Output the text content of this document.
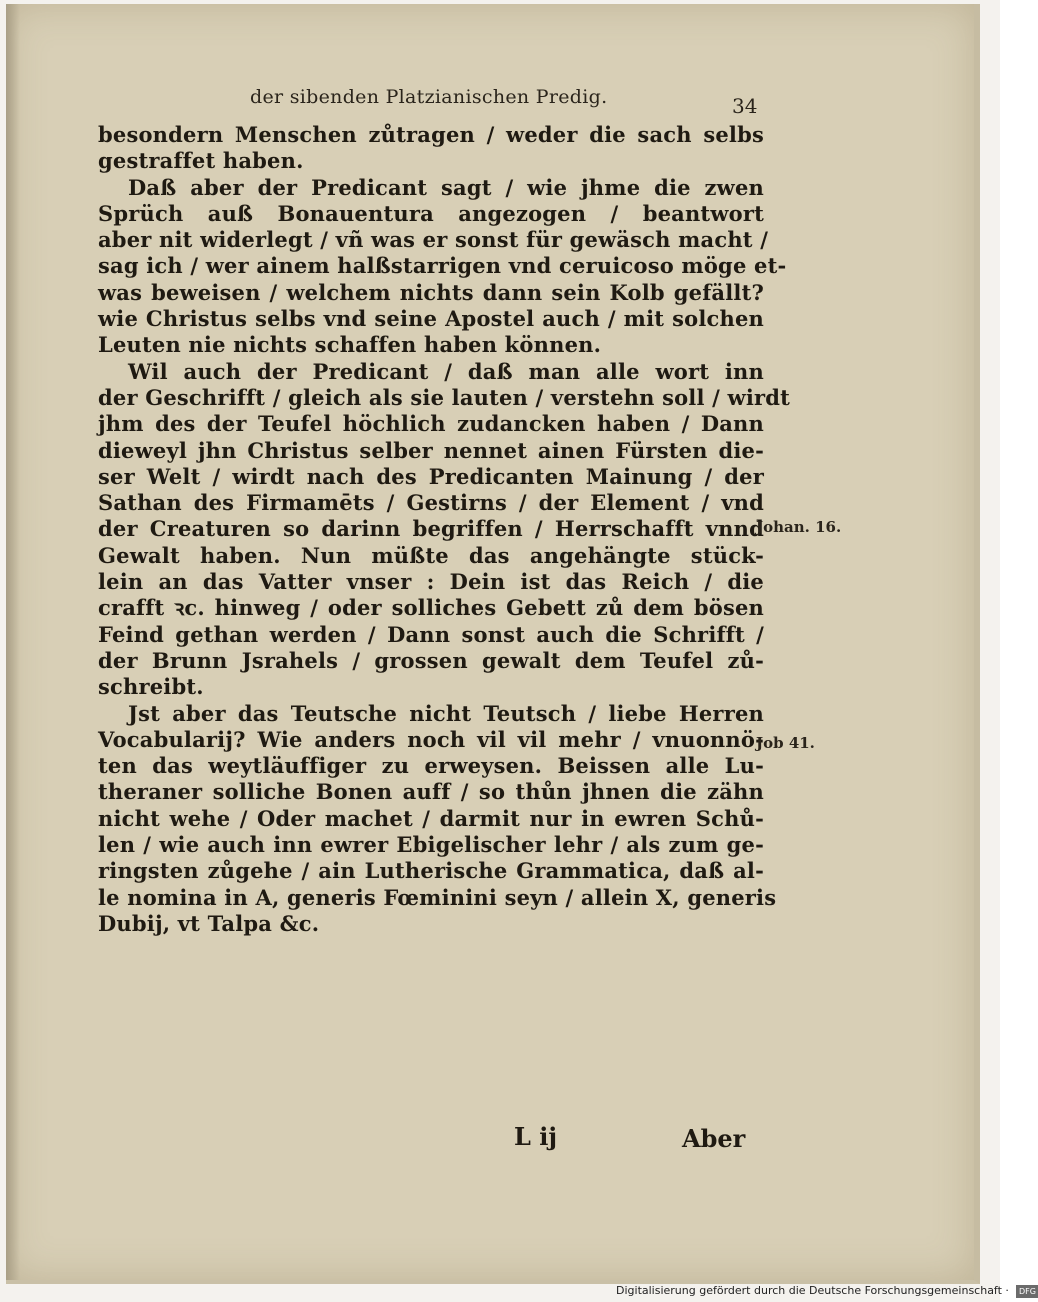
der sibenden Platzianischen Predig.	34
besondern Menschen zůtragen / weder die sach selbs
gestraffet haben.
Daß aber der Predicant sagt / wie jhme die zwen
Sprüch auß Bonauentura angezogen / beantwort
aber nit widerlegt / vñ was er sonst für gewäsch macht /
sag ich / wer ainem halßstarrigen vnd ceruicoso möge et-
was beweisen / welchem nichts dann sein Kolb gefällt?
wie Christus selbs vnd seine Apostel auch / mit solchen
Leuten nie nichts schaffen haben können.
Wil auch der Predicant / daß man alle wort inn
der Geschrifft / gleich als sie lauten / verstehn soll / wirdt
jhm des der Teufel höchlich zudancken haben / Dann
dieweyl jhn Christus selber nennet ainen Fürsten die-
ser Welt / wirdt nach des Predicanten Mainung / der
Sathan des Firmamēts / Gestirns / der Element / vnd
der Creaturen so darinn begriffen / Herrschafft vnnd
Gewalt haben. Nun müßte das angehängte stück-
lein an das Vatter vnser : Dein ist das Reich / die
crafft ꝛc. hinweg / oder solliches Gebett zů dem bösen
Feind gethan werden / Dann sonst auch die Schrifft /
der Brunn Jsrahels / grossen gewalt dem Teufel zů-
schreibt.
Jst aber das Teutsche nicht Teutsch / liebe Herren
Vocabularij? Wie anders noch vil vil mehr / vnuonnö-
ten das weytläuffiger zu erweysen. Beissen alle Lu-
theraner solliche Bonen auff / so thůn jhnen die zähn
nicht wehe / Oder machet / darmit nur in ewren Schů-
len / wie auch inn ewrer Ebigelischer lehr / als zum ge-
ringsten zůgehe / ain Lutherische Grammatica, daß al-
le nomina in A, generis Fœminini seyn / allein X, generis
Dubij, vt Talpa &c.
Johan. 16.
Job 41.
L ij	Aber
Digitalisierung gefördert durch die Deutsche Forschungsgemeinschaft · DFG
